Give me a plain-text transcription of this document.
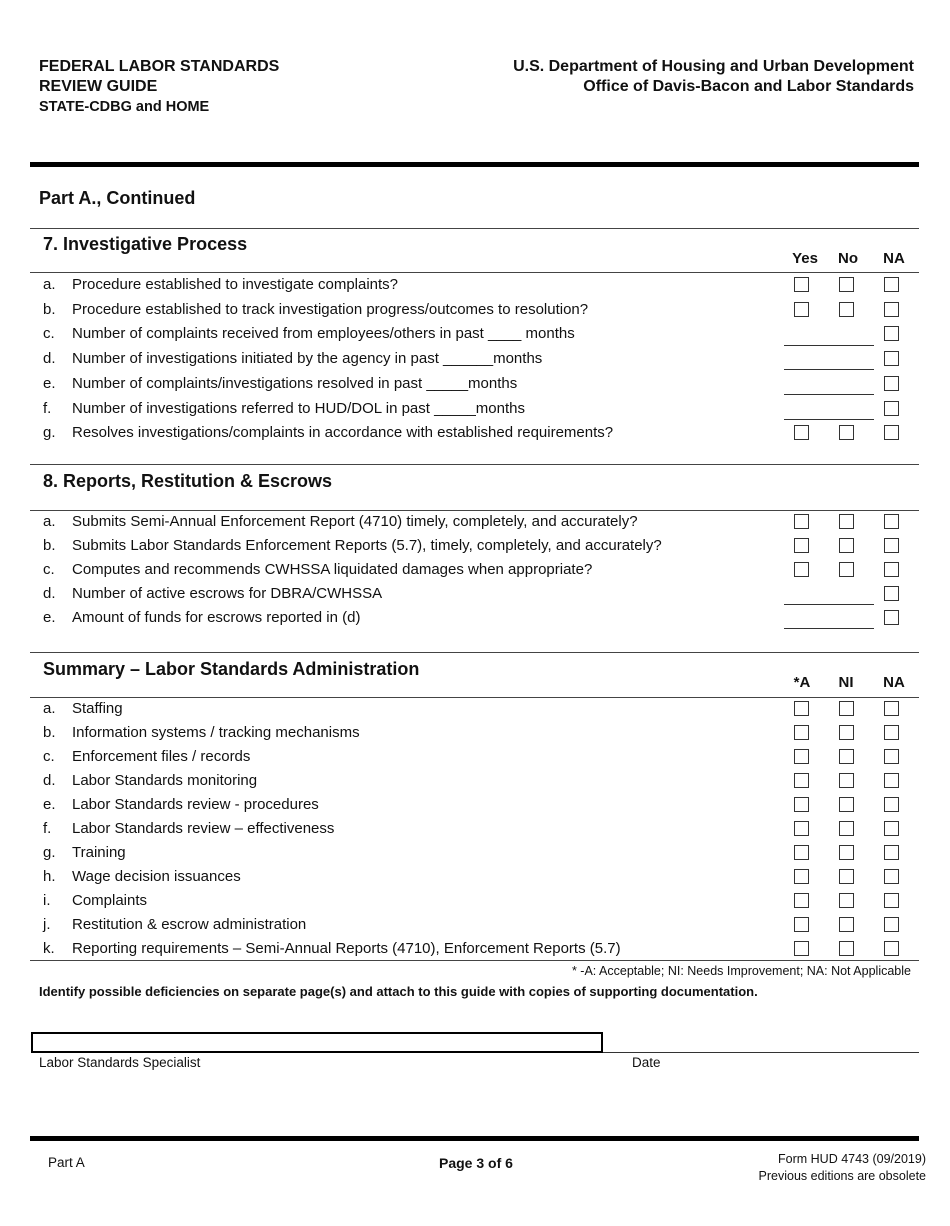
FEDERAL LABOR STANDARDS
REVIEW GUIDE
STATE-CDBG and HOME
U.S. Department of Housing and Urban Development
Office of Davis-Bacon and Labor Standards
Part A., Continued
7. Investigative Process
Yes	No	NA
a. Procedure established to investigate complaints?
b. Procedure established to track investigation progress/outcomes to resolution?
c. Number of complaints received from employees/others in past ____ months
d. Number of investigations initiated by the agency in past ______months
e. Number of complaints/investigations resolved in past _____months
f. Number of investigations referred to HUD/DOL in past _____months
g. Resolves investigations/complaints in accordance with established requirements?
8. Reports, Restitution & Escrows
a. Submits Semi-Annual Enforcement Report (4710) timely, completely, and accurately?
b. Submits Labor Standards Enforcement Reports (5.7), timely, completely, and accurately?
c. Computes and recommends CWHSSA liquidated damages when appropriate?
d. Number of active escrows for DBRA/CWHSSA
e. Amount of funds for escrows reported in (d)
Summary – Labor Standards Administration
*A	NI	NA
a. Staffing
b. Information systems / tracking mechanisms
c. Enforcement files / records
d. Labor Standards monitoring
e. Labor Standards review - procedures
f. Labor Standards review – effectiveness
g. Training
h. Wage decision issuances
i. Complaints
j. Restitution & escrow administration
k. Reporting requirements – Semi-Annual Reports (4710), Enforcement Reports (5.7)
* -A: Acceptable; NI: Needs Improvement; NA: Not Applicable
Identify possible deficiencies on separate page(s) and attach to this guide with copies of supporting documentation.
Labor Standards Specialist	Date
Part A	Page 3 of 6	Form HUD 4743 (09/2019)
Previous editions are obsolete
